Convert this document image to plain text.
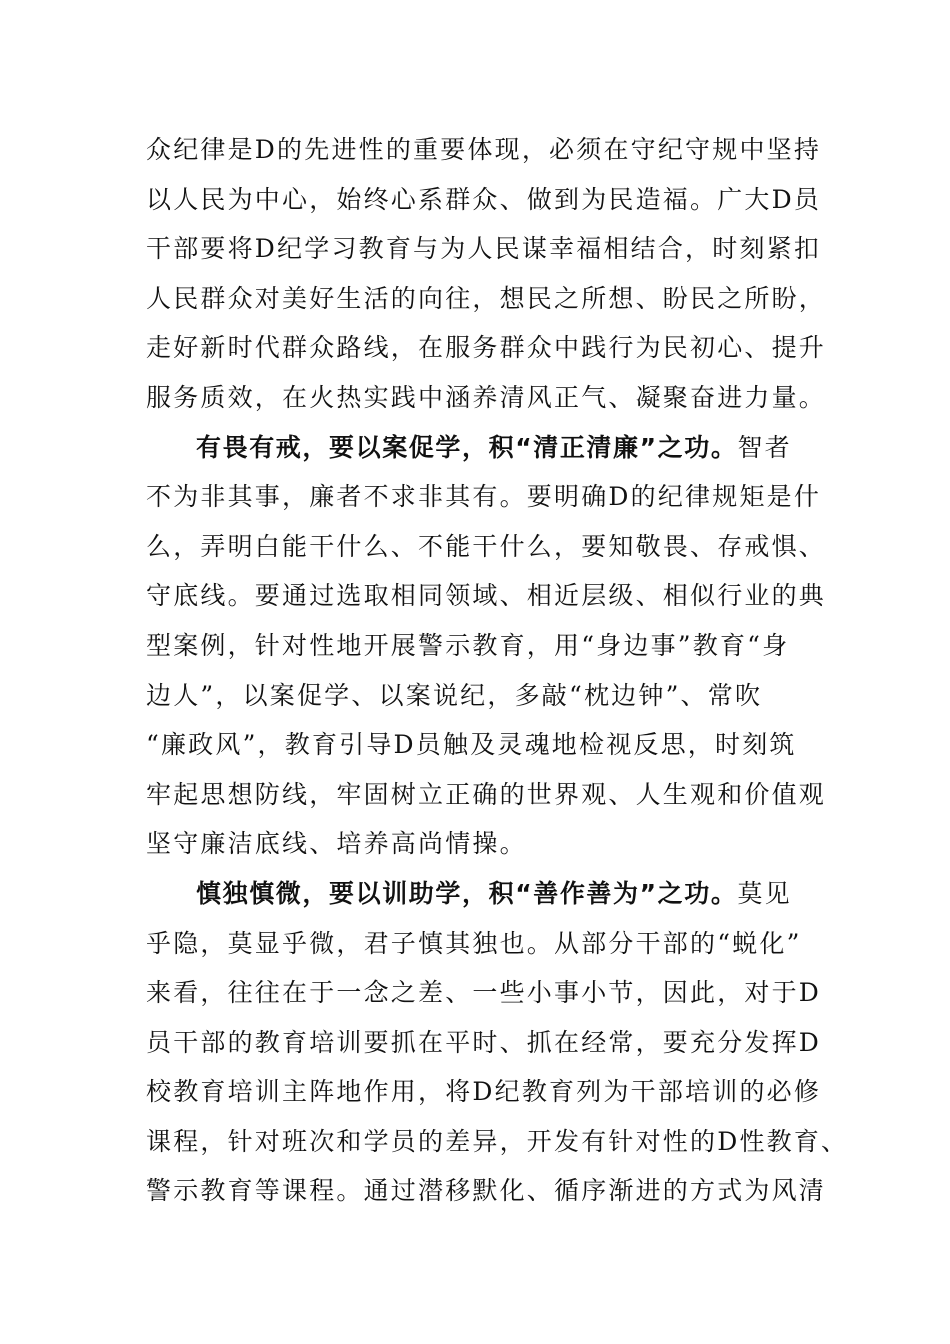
众纪律是D的先进性的重要体现，必须在守纪守规中坚持
以人民为中心，始终心系群众、做到为民造福。广大D员
干部要将D纪学习教育与为人民谋幸福相结合，时刻紧扣
人民群众对美好生活的向往，想民之所想、盼民之所盼，
走好新时代群众路线，在服务群众中践行为民初心、提升
服务质效，在火热实践中涵养清风正气、凝聚奋进力量。
有畏有戒，要以案促学，积“清正清廉”之功。智者
不为非其事，廉者不求非其有。要明确D的纪律规矩是什
么，弄明白能干什么、不能干什么，要知敬畏、存戒惧、
守底线。要通过选取相同领域、相近层级、相似行业的典
型案例，针对性地开展警示教育，用“身边事”教育“身
边人”，以案促学、以案说纪，多敲“枕边钟”、常吹
“廉政风”，教育引导D员触及灵魂地检视反思，时刻筑
牢起思想防线，牢固树立正确的世界观、人生观和价值观
坚守廉洁底线、培养高尚情操。
慎独慎微，要以训助学，积“善作善为”之功。莫见
乎隐，莫显乎微，君子慎其独也。从部分干部的“蜕化”
来看，往往在于一念之差、一些小事小节，因此，对于D
员干部的教育培训要抓在平时、抓在经常，要充分发挥D
校教育培训主阵地作用，将D纪教育列为干部培训的必修
课程，针对班次和学员的差异，开发有针对性的D性教育、
警示教育等课程。通过潜移默化、循序渐进的方式为风清
